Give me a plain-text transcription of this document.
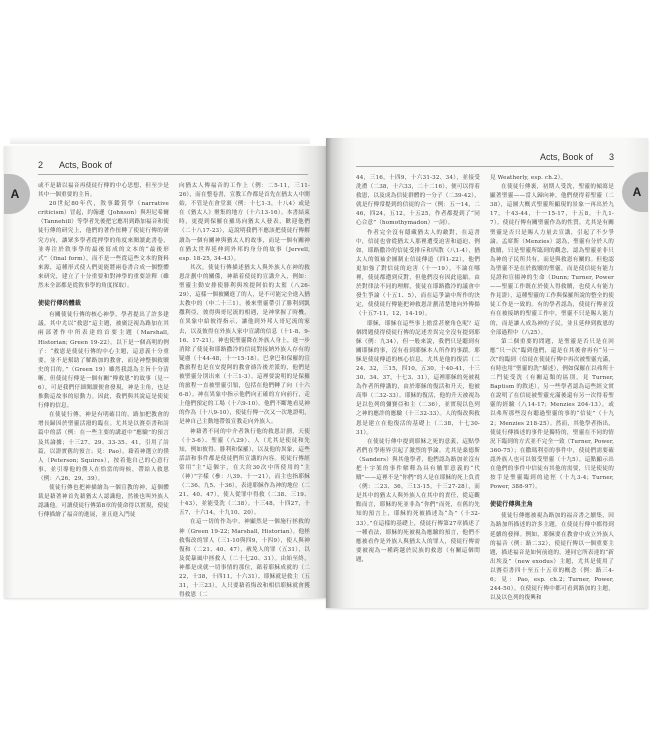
2 Acts, Book of
A

或不是藉以福音再使徒行傳的中心思想，但至少是其中一個重要的主旨。

20世紀80年代，敘事鑑賞學（narrative criticism）冒起，約翰遜（Johnson）與坦尼希爾（Tannehill）等學者先後把它應用到路加福音和使徒行傳的研究上，他們的著作扭轉了使徒行傳的研究方向，讓眾多學者從押學的角度來閱讀此書卷，並專注於敘事學的最後寫成的文本的“最後形式”（final form），而不是一些從這些文本的資料來源，這種形式使人們更能將兩卷書合成一個整體來研究，建立了十分重要和對神學的重要詮釋（雖然未全部都是從敘事學的角度探取）。

使徒行傳的體裁

有關使徒行傳的核心神學，學者提出了許多建議，其中尤以“救恩”這主題，被廣泛視為路加在其兩部著作中所表達的首要主題（Marshall, Historian; Green 19-22）。以下是一個高明的例子：“救恩是使徒行傳的中心主題，這意義十分重要，並不是幫助了解路加的教會，而是神整個救贖史的目的。”（Green 19）雖然我認為主旨十分清晰，但使徒行傳是一個有關“傳救恩”的故事（見一6），可是我們仔細閱讀便會發現，神是主角，也是推動這故事的原動力。因此，我們與其說這是使徒行傳的信息。

在使徒行傳，神是有明確目的，路加把教會的增長歸因於聖靈活潑的臨在。尤其是以賽亞書和詩篇中的話（例：在一些主要的講道中“應驗”的預言及其論據；十三27、29、33-35、41，引用了詩篇，以證實舊約預言；見：Pao）。藉着神選立的僕人（Peterson; Squires），按着他自己的心意行事，並引導他的僕人在恰當的時候，帶給人救恩（例：八26、29、39）。

使徒行傳也把神描繪為一個宣教的神，這個體裁是藉著神首先藉猶太人認識他，然後也叫外族人認識他。可讀使徒行傳第8章的使命得以實現，使徒行傳描繪了福音的進展，並且進入門徒

向猶太人傳福音的工作上（例：二5-11，三11-26），而在整卷書，宣教工作都是首先在猶太人中開始，不管是在會堂裏（例：十七1-3，十八4）或是在《猶太人》聚集的地方（十六13-16）。本書結束時，更提到保羅在羅馬向猶太人發表，歡迎他們（二十八17-23），這說明我們不應該把使徒行傳解讀為一個有關神與猶太人的故事，而是一個有關神在猶太世界延伸到外邦的身分的故事（Jervell, esp. 18-25, 34-43）。

其次，使徒行傳描述猶太人與外族人在神的救恩計劃中的關係，神藉着使徒的宣講介入，例如：聖靈主動安排使腓利與埃提阿伯的太監（八26-29），這樣一個被關進了的人，是不可能完全進入猶太教中的（申二十三1）。後來聖靈帶引了腓利到凱撒利亞，彼得與哥尼流的相遇，是神掌握了時機，在異象中給彼得指示，讓他到外邦人哥尼流的家去，以及彼得在外族人家中宣講的信息（十1-8、9-16、17-21）。神也使聖靈降在外族人身上，進一步消除了使徒和耶路撒冷的信徒對接納外族人存有的疑慮（十44-48，十一15-18）。巴拿巴和保羅的宣教旅程也是在安提阿的教會禱告後差派的，他們是被聖靈分別出來（十三1-3）。這裡要說明的是保羅的旅程一直被聖靈引領，包括在他們轉了向（十六6-8）。神在異象中指示他們向正確的方向前行，走上他們預定的工場（十六9-10）。他們不斷地看見神的作為（十八9-10），使徒行傳一次又一次地證明，是神自己主動地帶領宣教走向外族人。

神藉著不同的中介者執行他的救恩計劃，天使（十3-6）、聖靈（八29）、人（尤其是使徒和先知，例如彼得、腓利和保羅），以及他的異象，這些話語和事件都是使徒們所宣講的內容。使徒行傳經常用“主”這個字，在大約30次中所使用的“主（神）”字樣（參：八39、十一21），而主也指耶穌（二36、九5、十36），表達耶穌作為神的地位（二21、40、47），使人從罪中得救（二38、三19、十43），並能受洗（二38）。十三48，十四27，十五7，十六14，十九10、20）。

在這一切的作為中，神顯然是一個施行拯救的神（Green 19-22; Marshall, Historian）。他拯救悔改的罪人（三1-10與四9，十四9），使人與神復和（二21、40、47），赦免人的罪（五31），以及從暴風中拯救人（二十七20、31）。由始至終，神都是成就一切事情的那位，藉着耶穌成就的（二22，十38，十四11，十六31）。耶穌就是救主（五31，十三23），人只要藉着悔改和相信耶穌就會獲得救恩（二

Acts, Book of 3
A

44，三16，十四9，十六31-32、34），並接受洗禮（二38，十六33，二十二16），便可以得着救恩，以及成為信徒群體的一分子（二39-42），就是行傳常提到的信徒的合一（例：五一14，二46，四24，五12，十五25，作者都提到了“同心合意”（homothymadon）一詞）。

作者完全沒有隱藏猶太人的敵對，在這書中，信徒也會從猶太人那裡遭受迫害和逼迫，例如，耶路撒冷的信徒受排斥和四散（八1-4），猶太人的領袖企圖制止信徒傳道（四1-22），他們更加強了對信徒的迫害（十一19），不論在哪裡，使徒都遭到反對，但他們沒有因此退縮。由於對律法不同的理解，使徒在耶路撒冷的議會中發生爭論（十五1、5），而在這爭論中所作的決定，使使徒行傳能把神救恩計劃清楚地向外傳揚（十五7-11，12，14-19）。

耶穌，耶穌在這些事上擔當甚麼角色呢？這個問題使得使徒行傳的記述差異完全沒有提到耶穌（例：九34），但一般來說，我們只是聽到有關耶穌的事，沒有看到耶穌本人所作的事蹟。耶穌是使徒傳道的核心信息，尤其是他的復活（二24、32，三15，四10，五30，十40-41，十三30、34、37，十七3、31），這裡耶穌的死被視為作者所傳講的，由於耶穌的復活和升天，他被高舉（二32-33）。耶穌的復活，他的升天被視為是以色列的彌賽亞和主（二36），並實現以色列之神的應許的應驗（十三32-33）。人的悔改與救恩是建立在他復活的基礎上（二38，十七30-31）。

在使徒行傳中提到耶穌之死的意義，這點學者們在學術界引起了激烈的爭論。尤其是桑德斯（Sanders）與其他學者，他們認為路加並沒有把十字架的事件解釋為具有贖罪意義的“代贖”——這裡不是“你們”的人是在耶穌的死上負責（例：二23、36，三13-15，十三27-28），而是其中的猶太人與外族人在其中的責任，從這觀點而言，耶穌的死並非為“你們”而死，在舊約先知的預言上，耶穌的死被描述為“為”（十32-33）。”在這樣的基礎上，使徒行傳第27章描述了一種看法，耶穌的死被視為應驗的預言，他們不應被看作是外族人與猶太人的罪人，使徒行傳需要被視為一種跨越於民族的救恩（有關這個問題，

見 Weatherly, esp. ch.2）。

在使徒行傳裏，初期人受洗，聖靈的傾瀉是顯著聖靈——當人歸向神，他們便得着聖靈（二38），這圖大概式聖靈所顯現的景象一再出於九17，十43-44，十一15-17，十五8，十九1-7）。使徒行傳有關聖靈作為的性質，尤其是有關聖靈是否只是賜人力量去宣講，引起了不少爭論。孟席斯（Menzies）認為，聖靈有分於人的救贖，只是聖靈所臨到的觀念，認為聖靈並非只為神的子民所共有，而是與救恩有關的。但他認為聖靈不是在於救贖的聖靈，而是使信徒有能力見證和宣揚神的生命（Dunn; Turner, Power——聖靈工作既在於使人得救贖，也使人有能力作見證），這種聖靈的工作與保羅所說的整全的使徒工作是一致的。有的學者認為，使徒行傳並沒有在被接納的聖靈工作中，聖靈不只是賜人能力的，而是讓人成為神的子民，並且延伸到救恩的全部過程中（八25）。

第二個重要的問題，是聖靈是否只是在回應“只一次”臨到他們，還是在其後會再有“另一次”的臨到（信徒在使徒行傳中再次被聖靈充滿，有時也用“聖靈的洗”描述），例如保羅在以弗所十二門徒受洗（有關這類的區別，見 Turner, Baptism 的敘述），另一些學者認為這些經文實在說明了在信徒被聖靈充滿後還有另一次得着聖靈的經驗（八14-17；Menzies 204-13），或以弗所那些沒有聽過聖靈的事的“信徒”（十九2；Menzies 218-25）。然而，其他學者指出，使徒行傳描述的事件是獨特的，聖靈在不同的情況下臨到的方式並不完全一致（Turner, Power, 360-75）；在撒瑪利亞的事件中，使徒們需要確認外族人也可以領受聖靈（十九5），這點顯示出在他們的事件中信徒有其他的需要，只是使徒的按手是聖靈臨到的途徑（十九3-4；Turner, Power, 388-97）。

使徒行傳與主角

使徒行傳應被視為路加的福音書之續集，因為路加所描述的許多主題，在使徒行傳中都得到延續的發揮。例如，耶穌要在教會中成立外族人的福音（例：路二32），使徒行傳以一個重要主題，描述福音是如何前進的，連同它所表達的“新出埃及”（new exodus）主題，尤其是使用了以賽亞書四十至五十五章的概念（例：路三4-6；見：Pao, esp. ch.2；Turner, Power, 244-50）。在使徒行傳中都可看到路加的主題，以及以色列的復興和
